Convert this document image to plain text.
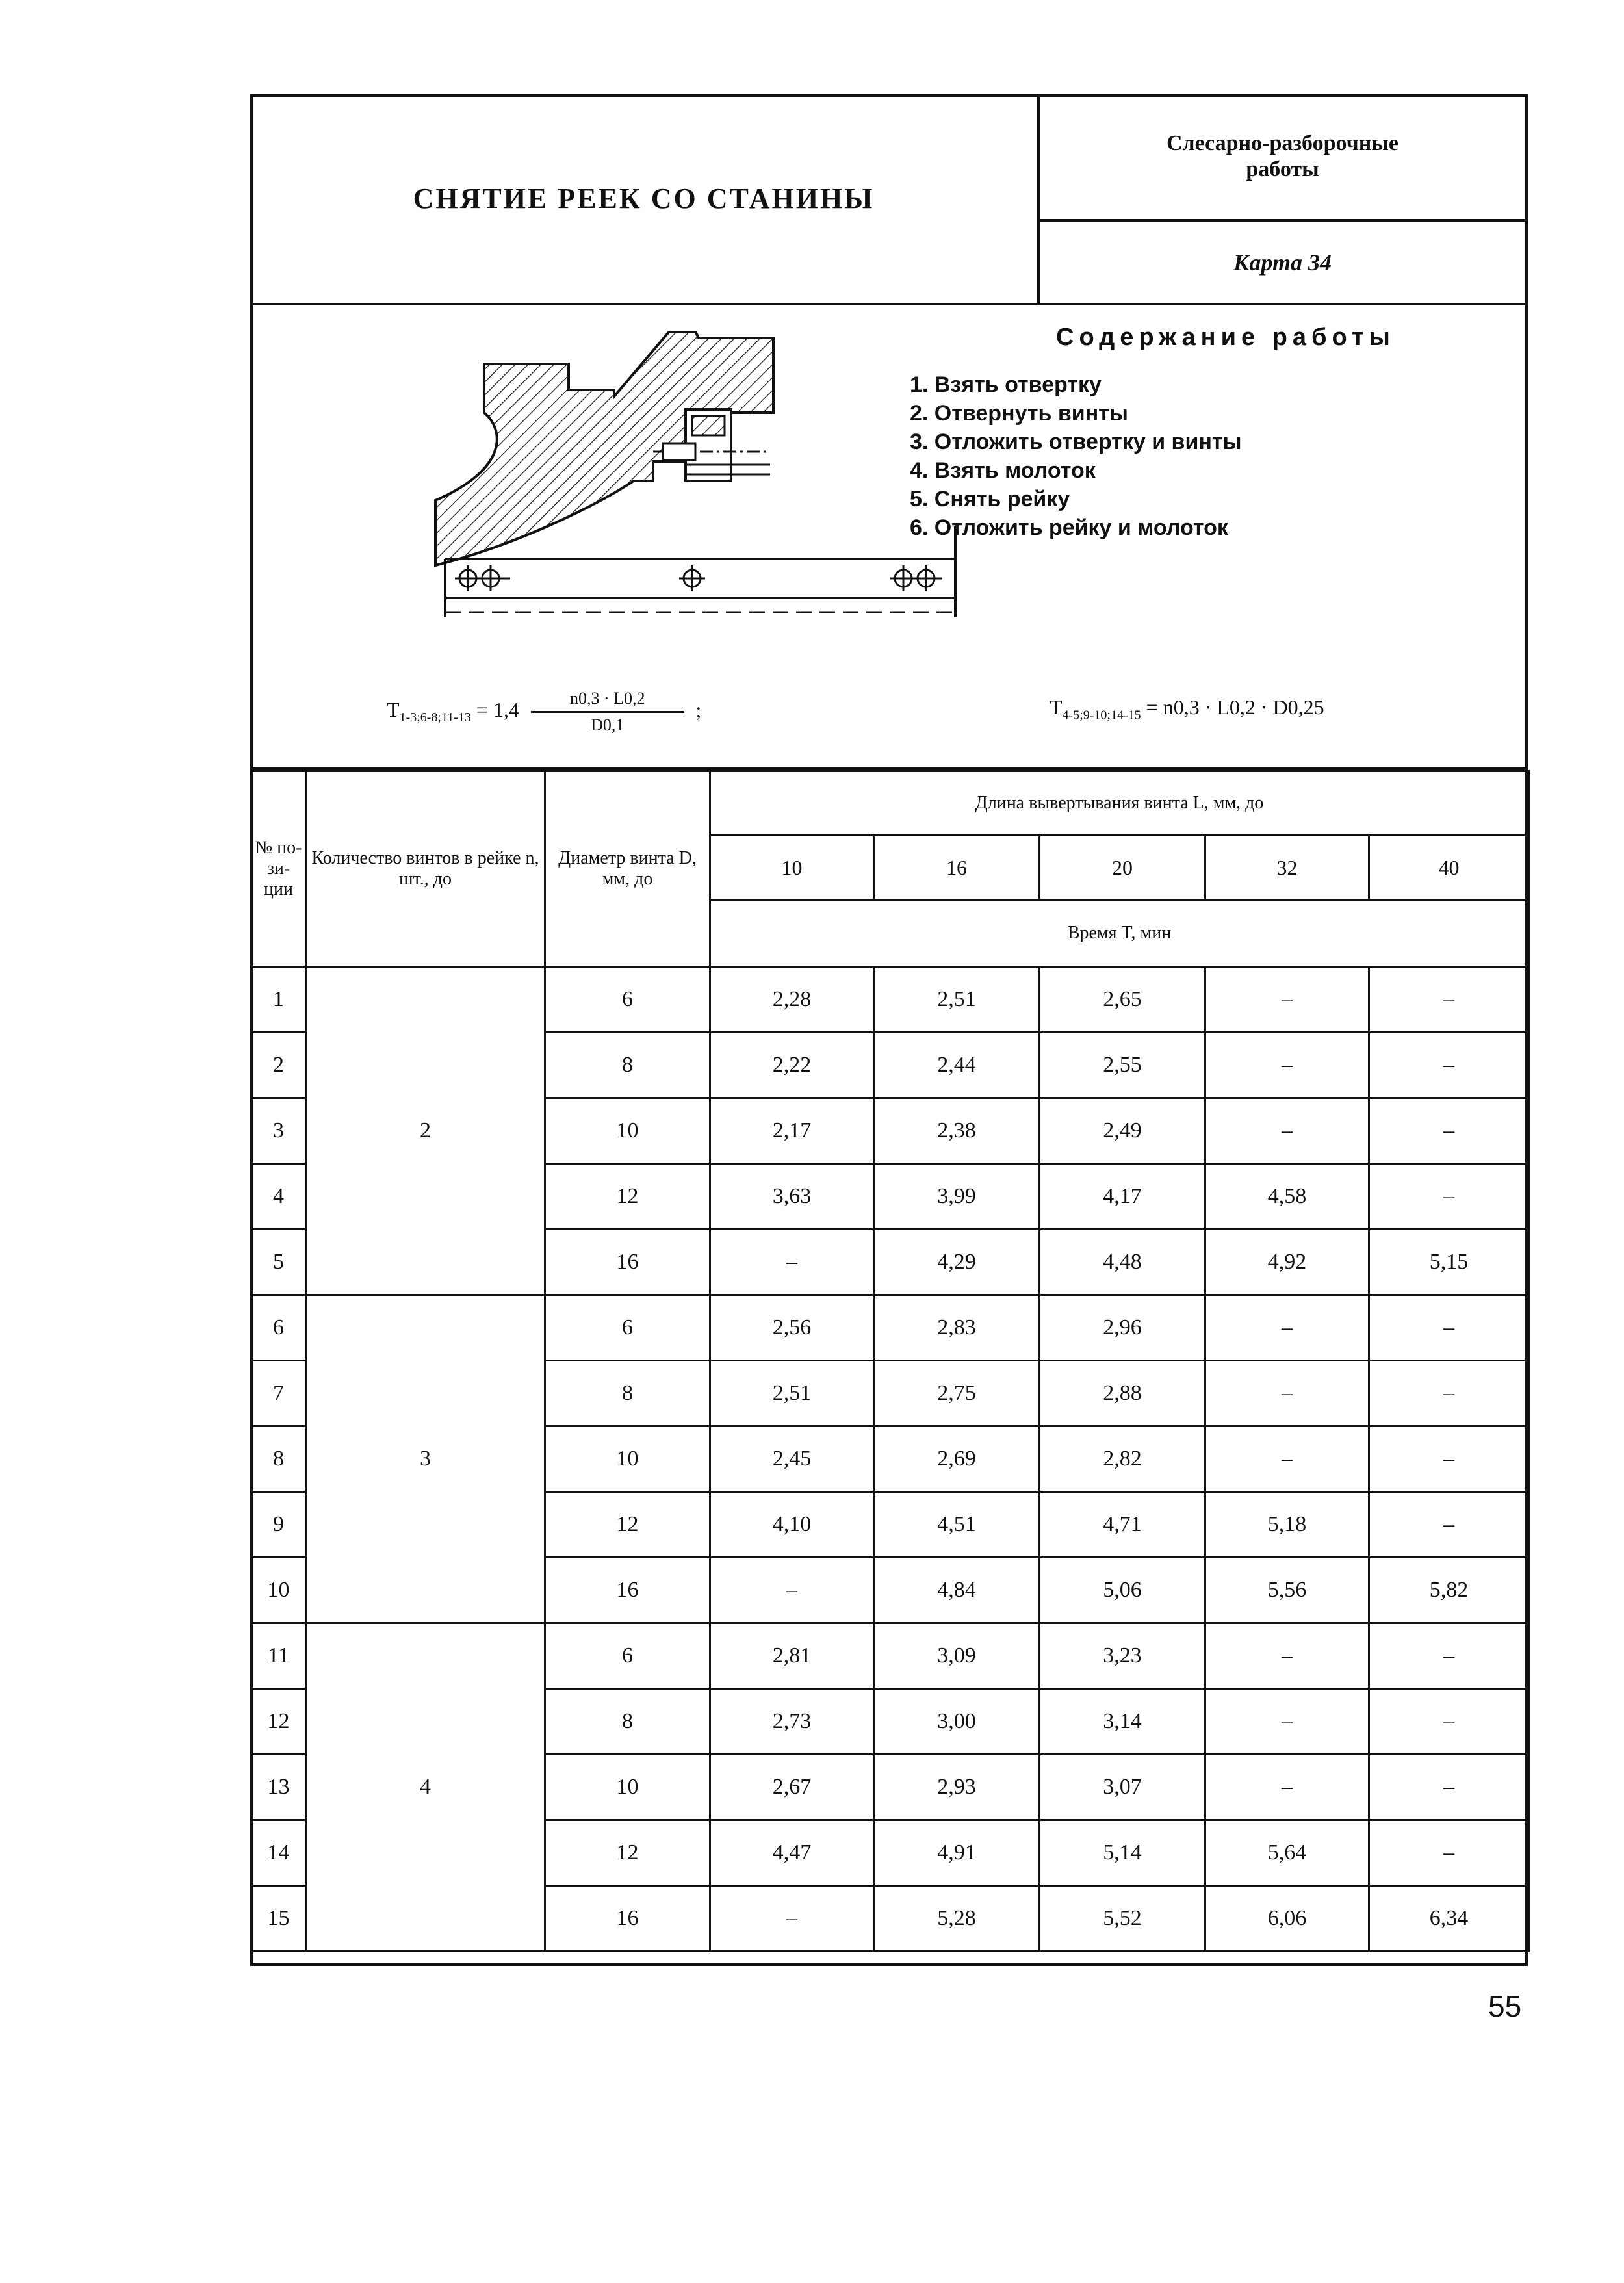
СНЯТИЕ РЕЕК СО СТАНИНЫ
Слесарно-разборочные работы
Карта 34
Содержание работы
1. Взять отвертку
2. Отвернуть винты
3. Отложить отвертку и винты
4. Взять молоток
5. Снять рейку
6. Отложить рейку и молоток
$T_{1-3;6-8;11-13} = 1,4 \frac{n0,3 \cdot L0,2}{D0,1}$ ;	$T_{4-5;9-10;14-15} = n0,3 \cdot L0,2 \cdot D0,25$
№ по- зи- ции	Количество винтов в рейке n, шт., до	Диаметр винта D, мм, до	Длина вывертывания винта L, мм, до				
			10	16	20	32	40
			Время T, мин				
1	2	6	2,28	2,51	2,65	–	–
2		8	2,22	2,44	2,55	–	–
3		10	2,17	2,38	2,49	–	–
4		12	3,63	3,99	4,17	4,58	–
5		16	–	4,29	4,48	4,92	5,15
6	3	6	2,56	2,83	2,96	–	–
7		8	2,51	2,75	2,88	–	–
8		10	2,45	2,69	2,82	–	–
9		12	4,10	4,51	4,71	5,18	–
10		16	–	4,84	5,06	5,56	5,82
11	4	6	2,81	3,09	3,23	–	–
12		8	2,73	3,00	3,14	–	–
13		10	2,67	2,93	3,07	–	–
14		12	4,47	4,91	5,14	5,64	–
15		16	–	5,28	5,52	6,06	6,34
55
